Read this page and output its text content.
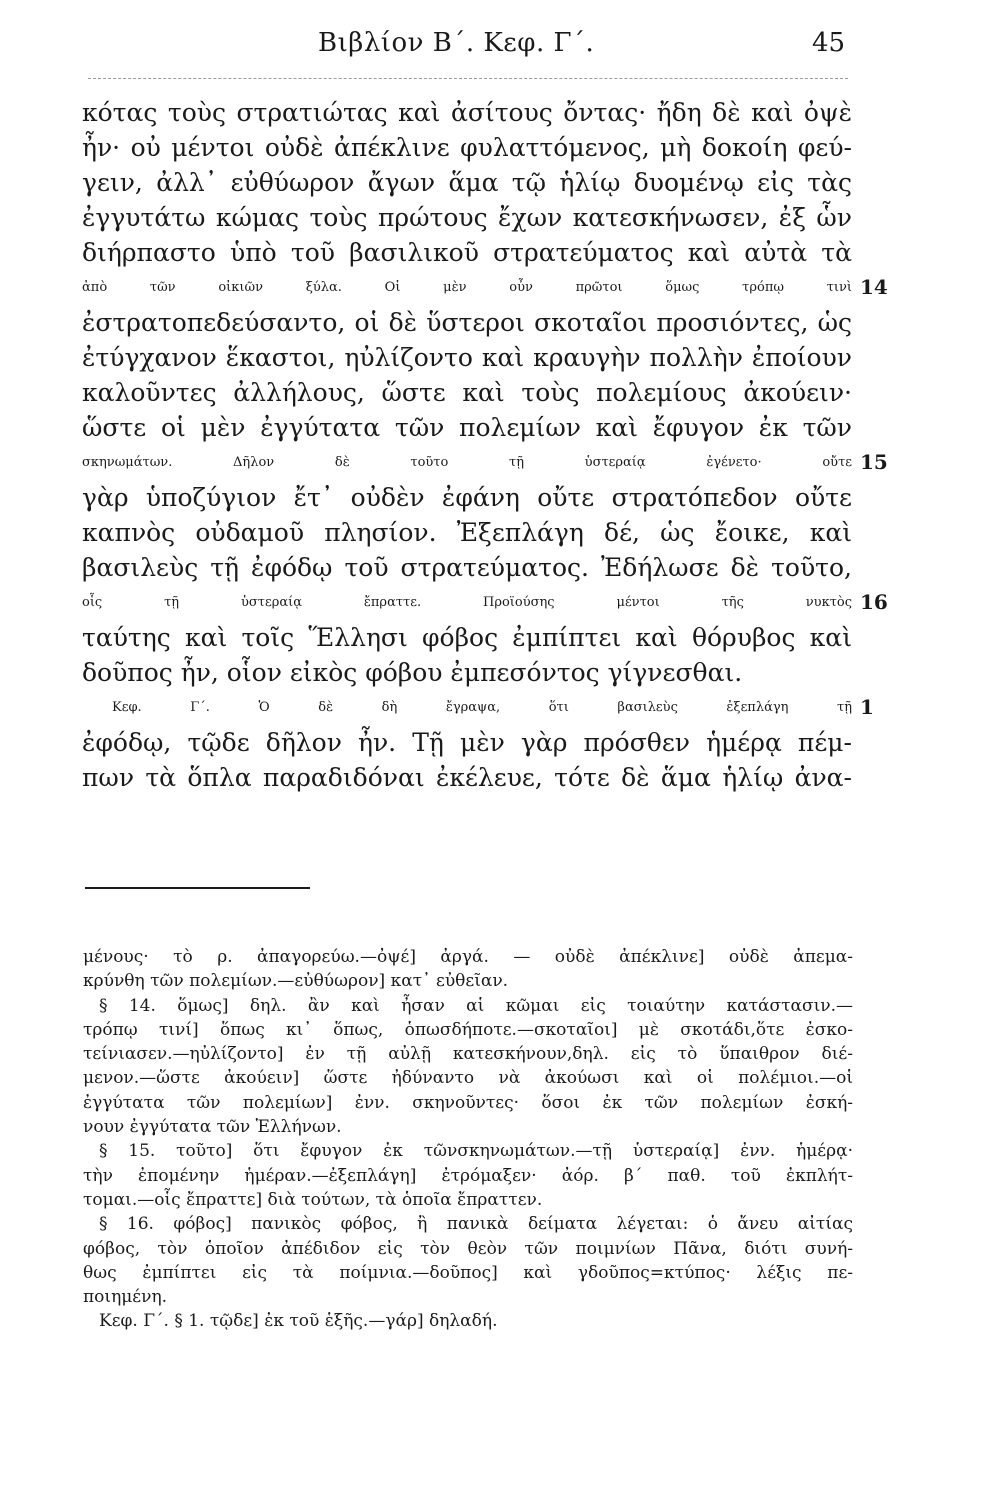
Βιβλίον Β΄. Κεφ. Γ΄.	45
κότας τοὺς στρατιώτας καὶ ἀσίτους ὄντας· ἤδη δὲ καὶ ὀψὲ
ἦν· οὐ μέντοι οὐδὲ ἀπέκλινε φυλαττόμενος, μὴ δοκοίη φεύ-
γειν, ἀλλ᾽ εὐθύωρον ἄγων ἅμα τῷ ἡλίῳ δυομένῳ εἰς τὰς
ἐγγυτάτω κώμας τοὺς πρώτους ἔχων κατεσκήνωσεν, ἐξ ὧν
διήρπαστο ὑπὸ τοῦ βασιλικοῦ στρατεύματος καὶ αὐτὰ τὰ
ἀπὸ τῶν οἰκιῶν ξύλα. Οἱ μὲν οὖν πρῶτοι ὅμως τρόπῳ τινὶ 14
ἐστρατοπεδεύσαντο, οἱ δὲ ὕστεροι σκοταῖοι προσιόντες, ὡς
ἐτύγχανον ἕκαστοι, ηὐλίζοντο καὶ κραυγὴν πολλὴν ἐποίουν
καλοῦντες ἀλλήλους, ὥστε καὶ τοὺς πολεμίους ἀκούειν·
ὥστε οἱ μὲν ἐγγύτατα τῶν πολεμίων καὶ ἔφυγον ἐκ τῶν
σκηνωμάτων. Δῆλον δὲ τοῦτο τῇ ὑστεραίᾳ ἐγένετο· οὔτε 15
γὰρ ὑποζύγιον ἔτ᾽ οὐδὲν ἐφάνη οὔτε στρατόπεδον οὔτε
καπνὸς οὐδαμοῦ πλησίον. Ἐξεπλάγη δέ, ὡς ἔοικε, καὶ
βασιλεὺς τῇ ἐφόδῳ τοῦ στρατεύματος. Ἐδήλωσε δὲ τοῦτο,
οἷς τῇ ὑστεραίᾳ ἔπραττε. Προϊούσης μέντοι τῆς νυκτὸς 16
ταύτης καὶ τοῖς Ἕλλησι φόβος ἐμπίπτει καὶ θόρυβος καὶ
δοῦπος ἦν, οἷον εἰκὸς φόβου ἐμπεσόντος γίγνεσθαι.
Κεφ. Γ΄. Ὁ δὲ δὴ ἔγραψα, ὅτι βασιλεὺς ἐξεπλάγη τῇ 1
ἐφόδῳ, τῷδε δῆλον ἦν. Τῇ μὲν γὰρ πρόσθεν ἡμέρᾳ πέμ-
πων τὰ ὅπλα παραδιδόναι ἐκέλευε, τότε δὲ ἅμα ἡλίῳ ἀνα-
μένους· τὸ ρ. ἀπαγορεύω.—ὀψέ] ἀργά. — οὐδὲ ἀπέκλινε] οὐδὲ ἀπεμα-
κρύνθη τῶν πολεμίων.—εὐθύωρον] κατ᾽ εὐθεῖαν.
§ 14. ὅμως] δηλ. ἂν καὶ ἦσαν αἱ κῶμαι εἰς τοιαύτην κατάστασιν.—
τρόπῳ τινί] ὅπως κι᾽ ὅπως, ὁπωσδήποτε.—σκοταῖοι] μὲ σκοτάδι,ὅτε ἐσκο-
τείνιασεν.—ηὐλίζοντο] ἐν τῇ αὐλῇ κατεσκήνουν,δηλ. εἰς τὸ ὕπαιθρον διέ-
μενον.—ὥστε ἀκούειν] ὥστε ἠδύναντο νὰ ἀκούωσι καὶ οἱ πολέμιοι.—οἱ
ἐγγύτατα τῶν πολεμίων] ἐνν. σκηνοῦντες· ὅσοι ἐκ τῶν πολεμίων ἐσκή-
νουν ἐγγύτατα τῶν Ἑλλήνων.
§ 15. τοῦτο] ὅτι ἔφυγον ἐκ τῶνσκηνωμάτων.—τῇ ὑστεραίᾳ] ἐνν. ἡμέρᾳ·
τὴν ἐπομένην ἡμέραν.—ἐξεπλάγη] ἐτρόμαξεν· ἀόρ. β΄ παθ. τοῦ ἐκπλήτ-
τομαι.—οἷς ἔπραττε] διὰ τούτων, τὰ ὁποῖα ἔπραττεν.
§ 16. φόβος] πανικὸς φόβος, ἢ πανικὰ δείματα λέγεται: ὁ ἄνευ αἰτίας
φόβος, τὸν ὁποῖον ἀπέδιδον εἰς τὸν θεὸν τῶν ποιμνίων Πᾶνα, διότι συνή-
θως ἐμπίπτει εἰς τὰ ποίμνια.—δοῦπος] καὶ γδοῦπος=κτύπος· λέξις πε-
ποιημένη.
Κεφ. Γ΄. § 1. τῷδε] ἐκ τοῦ ἑξῆς.—γάρ] δηλαδή.
